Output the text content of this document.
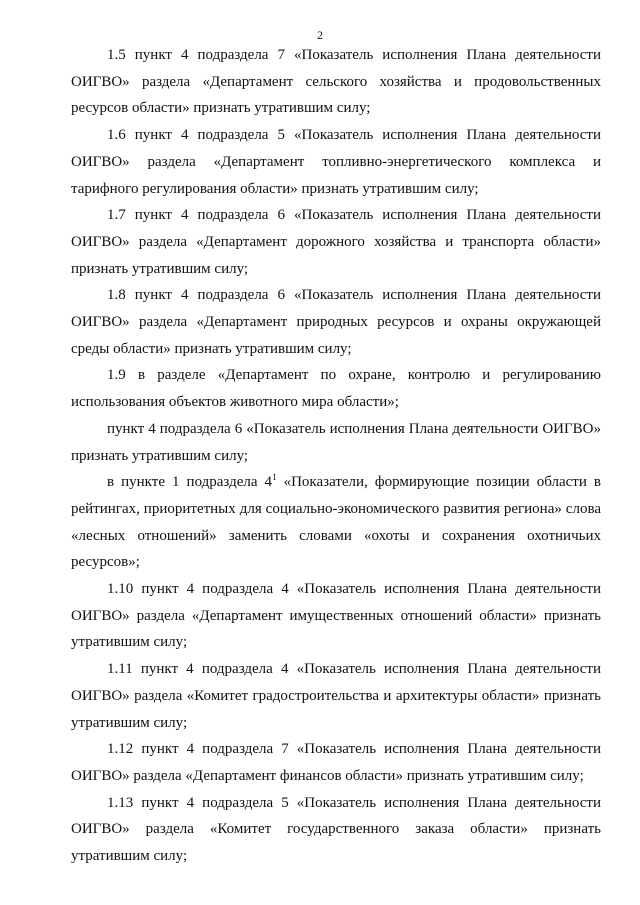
2

1.5 пункт 4 подраздела 7 «Показатель исполнения Плана деятельности ОИГВО» раздела «Департамент сельского хозяйства и продовольственных ресурсов области» признать утратившим силу;

1.6 пункт 4 подраздела 5 «Показатель исполнения Плана деятельности ОИГВО» раздела «Департамент топливно-энергетического комплекса и тарифного регулирования области» признать утратившим силу;

1.7 пункт 4 подраздела 6 «Показатель исполнения Плана деятельности ОИГВО» раздела «Департамент дорожного хозяйства и транспорта области» признать утратившим силу;

1.8 пункт 4 подраздела 6 «Показатель исполнения Плана деятельности ОИГВО» раздела «Департамент природных ресурсов и охраны окружающей среды области» признать утратившим силу;

1.9 в разделе «Департамент по охране, контролю и регулированию использования объектов животного мира области»;

пункт 4 подраздела 6 «Показатель исполнения Плана деятельности ОИГВО» признать утратившим силу;

в пункте 1 подраздела $4^1$ «Показатели, формирующие позиции области в рейтингах, приоритетных для социально-экономического развития региона» слова «лесных отношений» заменить словами «охоты и сохранения охотничьих ресурсов»;

1.10 пункт 4 подраздела 4 «Показатель исполнения Плана деятельности ОИГВО» раздела «Департамент имущественных отношений области» признать утратившим силу;

1.11 пункт 4 подраздела 4 «Показатель исполнения Плана деятельности ОИГВО» раздела «Комитет градостроительства и архитектуры области» признать утратившим силу;

1.12 пункт 4 подраздела 7 «Показатель исполнения Плана деятельности ОИГВО» раздела «Департамент финансов области» признать утратившим силу;

1.13 пункт 4 подраздела 5 «Показатель исполнения Плана деятельности ОИГВО» раздела «Комитет государственного заказа области» признать утратившим силу;
